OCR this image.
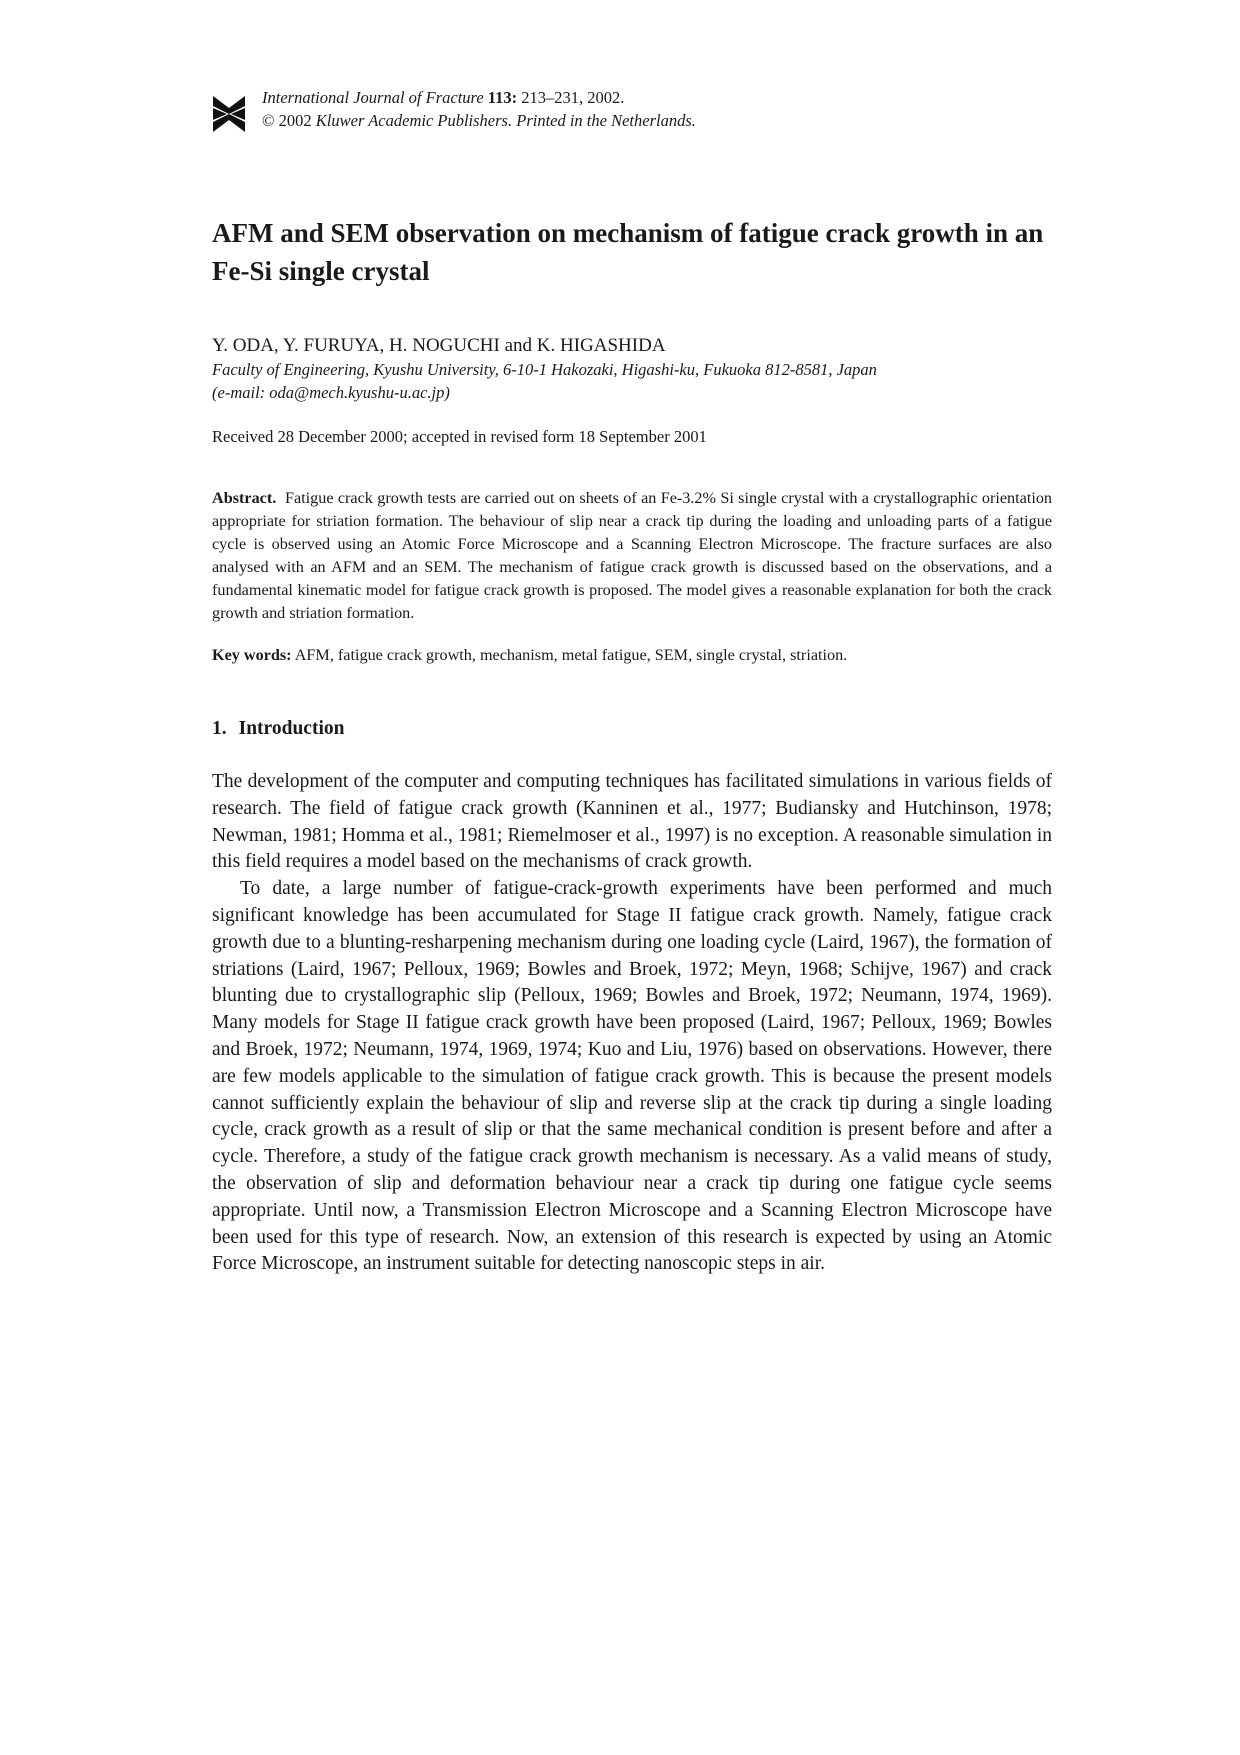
International Journal of Fracture 113: 213–231, 2002.
© 2002 Kluwer Academic Publishers. Printed in the Netherlands.
AFM and SEM observation on mechanism of fatigue crack growth in an Fe-Si single crystal
Y. ODA, Y. FURUYA, H. NOGUCHI and K. HIGASHIDA
Faculty of Engineering, Kyushu University, 6-10-1 Hakozaki, Higashi-ku, Fukuoka 812-8581, Japan
(e-mail: oda@mech.kyushu-u.ac.jp)
Received 28 December 2000; accepted in revised form 18 September 2001

Abstract. Fatigue crack growth tests are carried out on sheets of an Fe-3.2% Si single crystal with a crystallographic orientation appropriate for striation formation. The behaviour of slip near a crack tip during the loading and unloading parts of a fatigue cycle is observed using an Atomic Force Microscope and a Scanning Electron Microscope. The fracture surfaces are also analysed with an AFM and an SEM. The mechanism of fatigue crack growth is discussed based on the observations, and a fundamental kinematic model for fatigue crack growth is proposed. The model gives a reasonable explanation for both the crack growth and striation formation.

Key words: AFM, fatigue crack growth, mechanism, metal fatigue, SEM, single crystal, striation.

1. Introduction

The development of the computer and computing techniques has facilitated simulations in various fields of research. The field of fatigue crack growth (Kanninen et al., 1977; Budiansky and Hutchinson, 1978; Newman, 1981; Homma et al., 1981; Riemelmoser et al., 1997) is no exception. A reasonable simulation in this field requires a model based on the mechanisms of crack growth.

To date, a large number of fatigue-crack-growth experiments have been performed and much significant knowledge has been accumulated for Stage II fatigue crack growth. Namely, fatigue crack growth due to a blunting-resharpening mechanism during one loading cycle (Laird, 1967), the formation of striations (Laird, 1967; Pelloux, 1969; Bowles and Broek, 1972; Meyn, 1968; Schijve, 1967) and crack blunting due to crystallographic slip (Pelloux, 1969; Bowles and Broek, 1972; Neumann, 1974, 1969). Many models for Stage II fatigue crack growth have been proposed (Laird, 1967; Pelloux, 1969; Bowles and Broek, 1972; Neumann, 1974, 1969, 1974; Kuo and Liu, 1976) based on observations. However, there are few models applicable to the simulation of fatigue crack growth. This is because the present models cannot sufficiently explain the behaviour of slip and reverse slip at the crack tip during a single loading cycle, crack growth as a result of slip or that the same mechanical condition is present before and after a cycle. Therefore, a study of the fatigue crack growth mechanism is necessary. As a valid means of study, the observation of slip and deformation behaviour near a crack tip during one fatigue cycle seems appropriate. Until now, a Transmission Electron Microscope and a Scanning Electron Microscope have been used for this type of research. Now, an extension of this research is expected by using an Atomic Force Microscope, an instrument suitable for detecting nanoscopic steps in air.
